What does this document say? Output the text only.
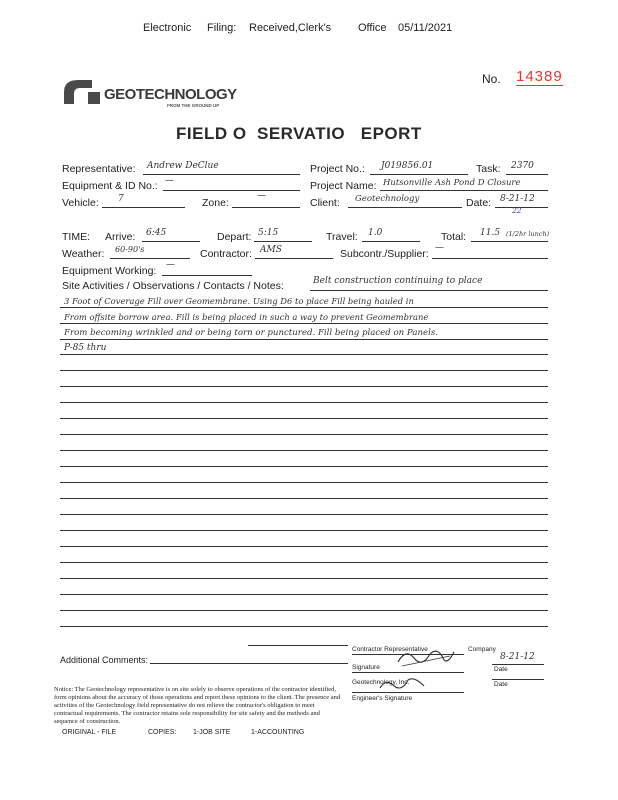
Electronic Filing: Received,Clerk's Office 05/11/2021
GEOTECHNOLOGY
FROM THE GROUND UP
No. 14389
FIELD O  SERVATIO   EPORT
Representative: Andrew DeClue	Project No.: J019856.01	Task: 2370
Equipment & ID No.: —	Project Name: Hutsonville Ash Pond D Closure
Vehicle: 7	Zone:
—
Client: Geotechnology	Date: 8-21-12
22
TIME: Arrive: 6:45	Depart: 5:15	Travel: 1.0	Total: 11.5 (1/2hr lunch)
Weather: 60-90's	Contractor: AMS	Subcontr./Supplier: —
Equipment Working: —
Site Activities / Observations / Contacts / Notes:	Belt construction continuing to place
3 Foot of Coverage Fill over Geomembrane. Using D6 to place Fill being hauled in
From offsite borrow area. Fill is being placed in such a way to prevent Geomembrane
From becoming wrinkled and or being torn or punctured. Fill being placed on Panels.
P-85 thru
Additional Comments:
Contractor Representative	Company
Signature
8-21-12
Date
Geotechnology, Inc.
Engineer's Signature
Date
Notice: The Geotechnology representative is on site solely to observe operations of the contractor identified, form opinions about the accuracy of those operations and report these opinions to the client. The presence and activities of the Geotechnology field representative do not relieve the contractor's obligation to meet contractual requirements. The contractor retains sole responsibility for site safety and the methods and sequence of construction.
ORIGINAL - FILE	COPIES: 1-JOB SITE	1-ACCOUNTING
